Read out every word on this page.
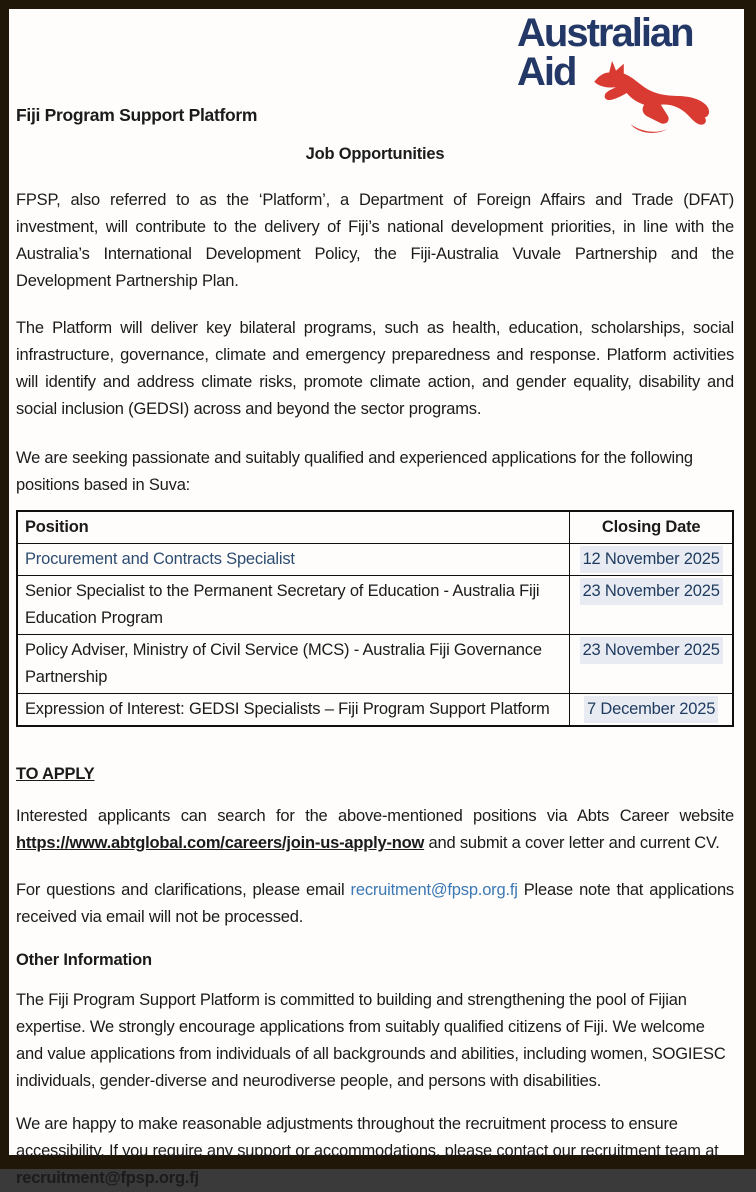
Australian
Aid
Fiji Program Support Platform
Job Opportunities

FPSP, also referred to as the ‘Platform’, a Department of Foreign Affairs and Trade (DFAT) investment, will contribute to the delivery of Fiji’s national development priorities, in line with the Australia’s International Development Policy, the Fiji-Australia Vuvale Partnership and the Development Partnership Plan.

The Platform will deliver key bilateral programs, such as health, education, scholarships, social infrastructure, governance, climate and emergency preparedness and response. Platform activities will identify and address climate risks, promote climate action, and gender equality, disability and social inclusion (GEDSI) across and beyond the sector programs.

We are seeking passionate and suitably qualified and experienced applications for the following positions based in Suva:

Position	Closing Date
Procurement and Contracts Specialist	12 November 2025
Senior Specialist to the Permanent Secretary of Education - Australia Fiji Education Program	23 November 2025
Policy Adviser, Ministry of Civil Service (MCS) - Australia Fiji Governance Partnership	23 November 2025
Expression of Interest: GEDSI Specialists – Fiji Program Support Platform	7 December 2025
TO APPLY

Interested applicants can search for the above-mentioned positions via Abts Career website https://www.abtglobal.com/careers/join-us-apply-now and submit a cover letter and current CV.

For questions and clarifications, please email recruitment@fpsp.org.fj Please note that applications received via email will not be processed.

Other Information

The Fiji Program Support Platform is committed to building and strengthening the pool of Fijian expertise. We strongly encourage applications from suitably qualified citizens of Fiji. We welcome and value applications from individuals of all backgrounds and abilities, including women, SOGIESC individuals, gender-diverse and neurodiverse people, and persons with disabilities.

We are happy to make reasonable adjustments throughout the recruitment process to ensure accessibility. If you require any support or accommodations, please contact our recruitment team at recruitment@fpsp.org.fj
